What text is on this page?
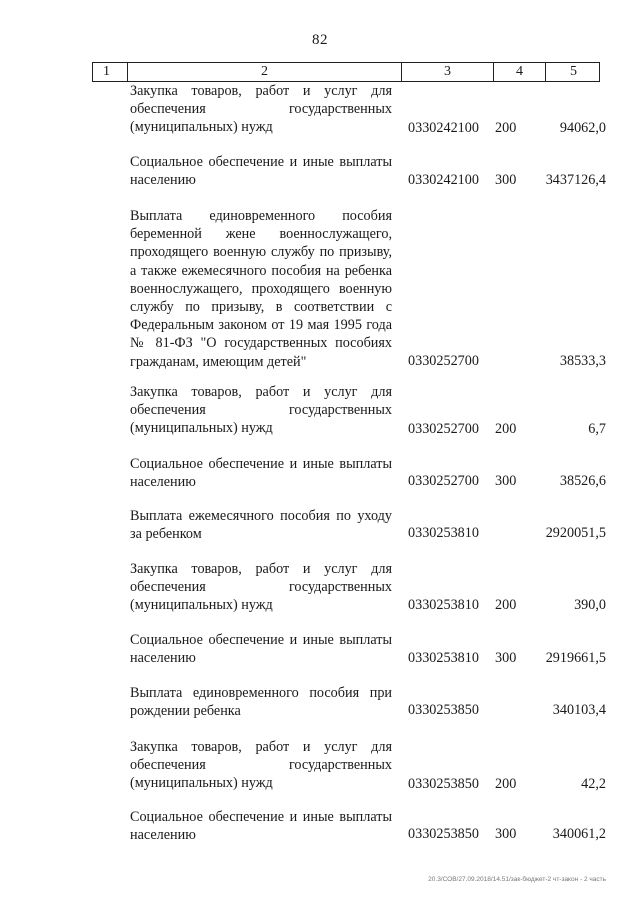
82
1	2	3	4	5
Закупка товаров, работ и услуг для обеспечения государственных (муниципальных) нужд	0330242100 200	94062,0
Социальное обеспечение и иные выплаты населению	0330242100 300 3437126,4
Выплата единовременного пособия беременной жене военнослужащего, проходящего военную службу по призыву, а также ежемесячного пособия на ребенка военнослужащего, проходящего военную службу по призыву, в соответствии с Федеральным законом от 19 мая 1995 года № 81-ФЗ "О государственных пособиях гражданам, имеющим детей"	0330252700	38533,3
Закупка товаров, работ и услуг для обеспечения государственных (муниципальных) нужд	0330252700 200	6,7
Социальное обеспечение и иные выплаты населению	0330252700 300	38526,6
Выплата ежемесячного пособия по уходу за ребенком	0330253810	2920051,5
Закупка товаров, работ и услуг для обеспечения государственных (муниципальных) нужд	0330253810 200	390,0
Социальное обеспечение и иные выплаты населению	0330253810 300 2919661,5
Выплата единовременного пособия при рождении ребенка	0330253850	340103,4
Закупка товаров, работ и услуг для обеспечения государственных (муниципальных) нужд	0330253850 200	42,2
Социальное обеспечение и иные выплаты населению	0330253850 300	340061,2
20.3/СОВ/27.09.2018/14.51/зак-бюджет-2 чт-закон - 2 часть
